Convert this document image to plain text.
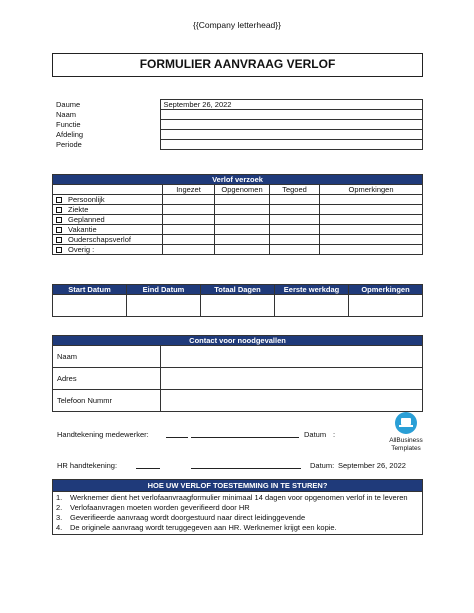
{{Company letterhead}}
FORMULIER AANVRAAG VERLOF
Daume	September 26, 2022
Naam	
Functie	
Afdeling	
Periode	
Verlof verzoek				
	Ingezet	Opgenomen	Tegoed	Opmerkingen
Persoonlijk				
Ziekte				
Geplanned				
Vakantie				
Ouderschapsverlof				
Overig :				
Start Datum	Eind Datum	Totaal Dagen	Eerste werkdag	Opmerkingen

Contact voor noodgevallen	
Naam	
Adres	
Telefoon Nummr	
Handtekening medewerker:	Datum :
HR handtekening:	Datum: September 26, 2022
AllBusiness
Templates
HOE UW VERLOF TOESTEMMING IN TE STUREN?

1.	Werknemer dient het verlofaanvraagformulier minimaal 14 dagen voor opgenomen verlof in te leveren
2.	Verlofaanvragen moeten worden geverifieerd door HR
3.	Geverifieerde aanvraag wordt doorgestuurd naar direct leidinggevende
4.	De originele aanvraag wordt teruggegeven aan HR. Werknemer krijgt een kopie.
